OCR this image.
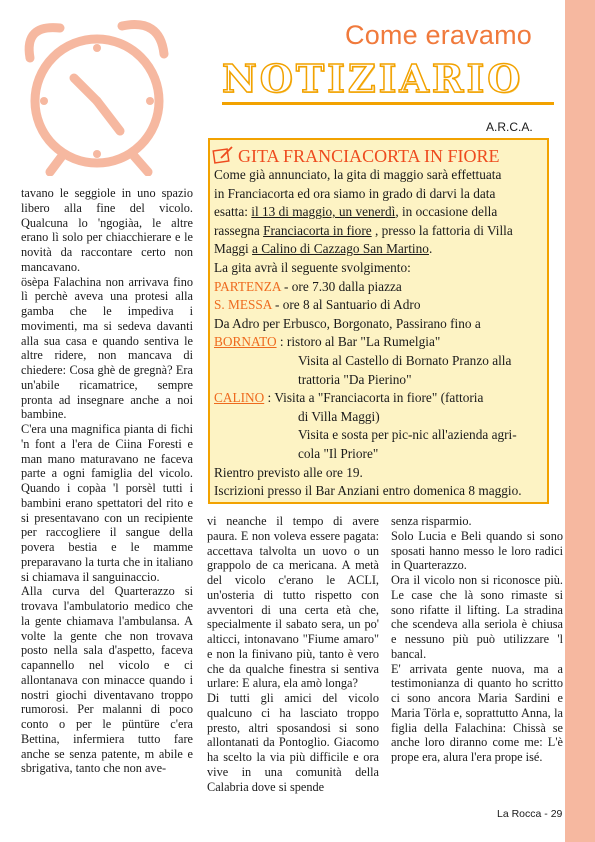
Come eravamo
NOTIZIARIO
A.R.C.A.
GITA FRANCIACORTA IN FIORE
Come già annunciato, la gita di maggio sarà effettuata
in Franciacorta ed ora siamo in grado di darvi la data
esatta: il 13 di maggio, un venerdì, in occasione della
rassegna Franciacorta in fiore , presso la fattoria di Villa
Maggi a Calino di Cazzago San Martino.
La gita avrà il seguente svolgimento:
PARTENZA - ore 7.30 dalla piazza
S. MESSA - ore 8 al Santuario di Adro
Da Adro per Erbusco, Borgonato, Passirano fino a
BORNATO : ristoro al Bar "La Rumelgia"
Visita al Castello di Bornato Pranzo alla
trattoria "Da Pierino"
CALINO : Visita a "Franciacorta in fiore" (fattoria
di Villa Maggi)
Visita e sosta per pic-nic all'azienda agri-
cola "Il Priore"
Rientro previsto alle ore 19.
Iscrizioni presso il Bar Anziani entro domenica 8 maggio.

tavano le seggiole in uno spazio libero alla fine del vicolo. Qualcuna lo 'ngogiàa, le altre erano lì solo per chiacchierare e le novità da raccontare certo non mancavano.

ösèpa Falachina non arrivava fino lì perchè aveva una protesi alla gamba che le impediva i movimenti, ma si sedeva davanti alla sua casa e quando sentiva le altre ridere, non mancava di chiedere: Cosa ghè de gregnà? Era un'abile ricamatrice, sempre pronta ad insegnare anche a noi bambine.

C'era una magnifica pianta di fichi 'n font a l'era de Ciina Foresti e man mano maturavano ne faceva parte a ogni famiglia del vicolo. Quando i copàa 'l porsèl tutti i bambini erano spettatori del rito e si presentavano con un recipiente per raccogliere il sangue della povera bestia e le mamme preparavano la turta che in italiano si chiamava il sanguinaccio.

Alla curva del Quarterazzo si trovava l'ambulatorio medico che la gente chiamava l'ambulansa. A volte la gente che non trovava posto nella sala d'aspetto, faceva capannello nel vicolo e ci allontanava con minacce quando i nostri giochi diventavano troppo rumorosi. Per malanni di poco conto o per le püntüre c'era Bettina, infermiera tutto fare anche se senza patente, m abile e sbrigativa, tanto che non ave-

vi neanche il tempo di avere paura. E non voleva essere pagata: accettava talvolta un uovo o un grappolo de ca mericana. A metà del vicolo c'erano le ACLI, un'osteria di tutto rispetto con avventori di una certa età che, specialmente il sabato sera, un po' alticci, intonavano "Fiume amaro" e non la finivano più, tanto è vero che da qualche finestra si sentiva urlare: E alura, ela amò longa?

Di tutti gli amici del vicolo qualcuno ci ha lasciato troppo presto, altri sposandosi si sono allontanati da Pontoglio. Giacomo ha scelto la via più difficile e ora vive in una comunità della Calabria dove si spende

senza risparmio.

Solo Lucia e Beli quando si sono sposati hanno messo le loro radici in Quarterazzo.

Ora il vicolo non si riconosce più. Le case che là sono rimaste si sono rifatte il lifting. La stradina che scendeva alla seriola è chiusa e nessuno più può utilizzare 'l bancal.

E' arrivata gente nuova, ma a testimonianza di quanto ho scritto ci sono ancora Maria Sardini e Maria Törla e, soprattutto Anna, la figlia della Falachina: Chissà se anche loro diranno come me: L'è prope era, alura l'era prope isé.

La Rocca - 29
